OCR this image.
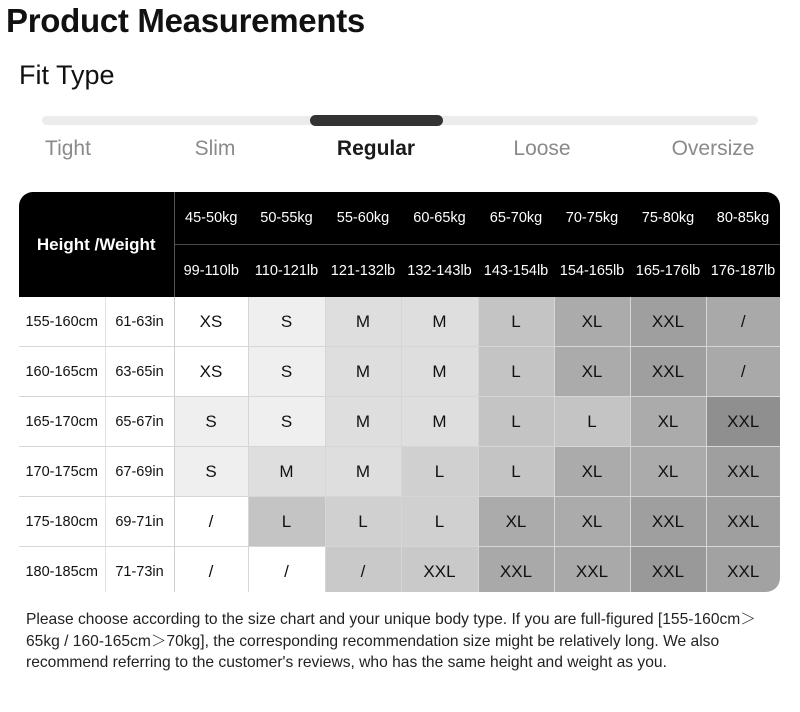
Product Measurements
Fit Type
Tight	Slim	Regular	Loose	Oversize
Height /Weight		45-50kg	50-55kg	55-60kg	60-65kg	65-70kg	70-75kg	75-80kg	80-85kg
		99-110lb	110-121lb	121-132lb	132-143lb	143-154lb	154-165lb	165-176lb	176-187lb
155-160cm	61-63in	XS	S	M	M	L	XL	XXL	/
160-165cm	63-65in	XS	S	M	M	L	XL	XXL	/
165-170cm	65-67in	S	S	M	M	L	L	XL	XXL
170-175cm	67-69in	S	M	M	L	L	XL	XL	XXL
175-180cm	69-71in	/	L	L	L	XL	XL	XXL	XXL
180-185cm	71-73in	/	/	/	XXL	XXL	XXL	XXL	XXL
Please choose according to the size chart and your unique body type. If you are full-figured [155-160cm＞65kg / 160-165cm＞70kg], the corresponding recommendation size might be relatively long. We also recommend referring to the customer's reviews, who has the same height and weight as you.
